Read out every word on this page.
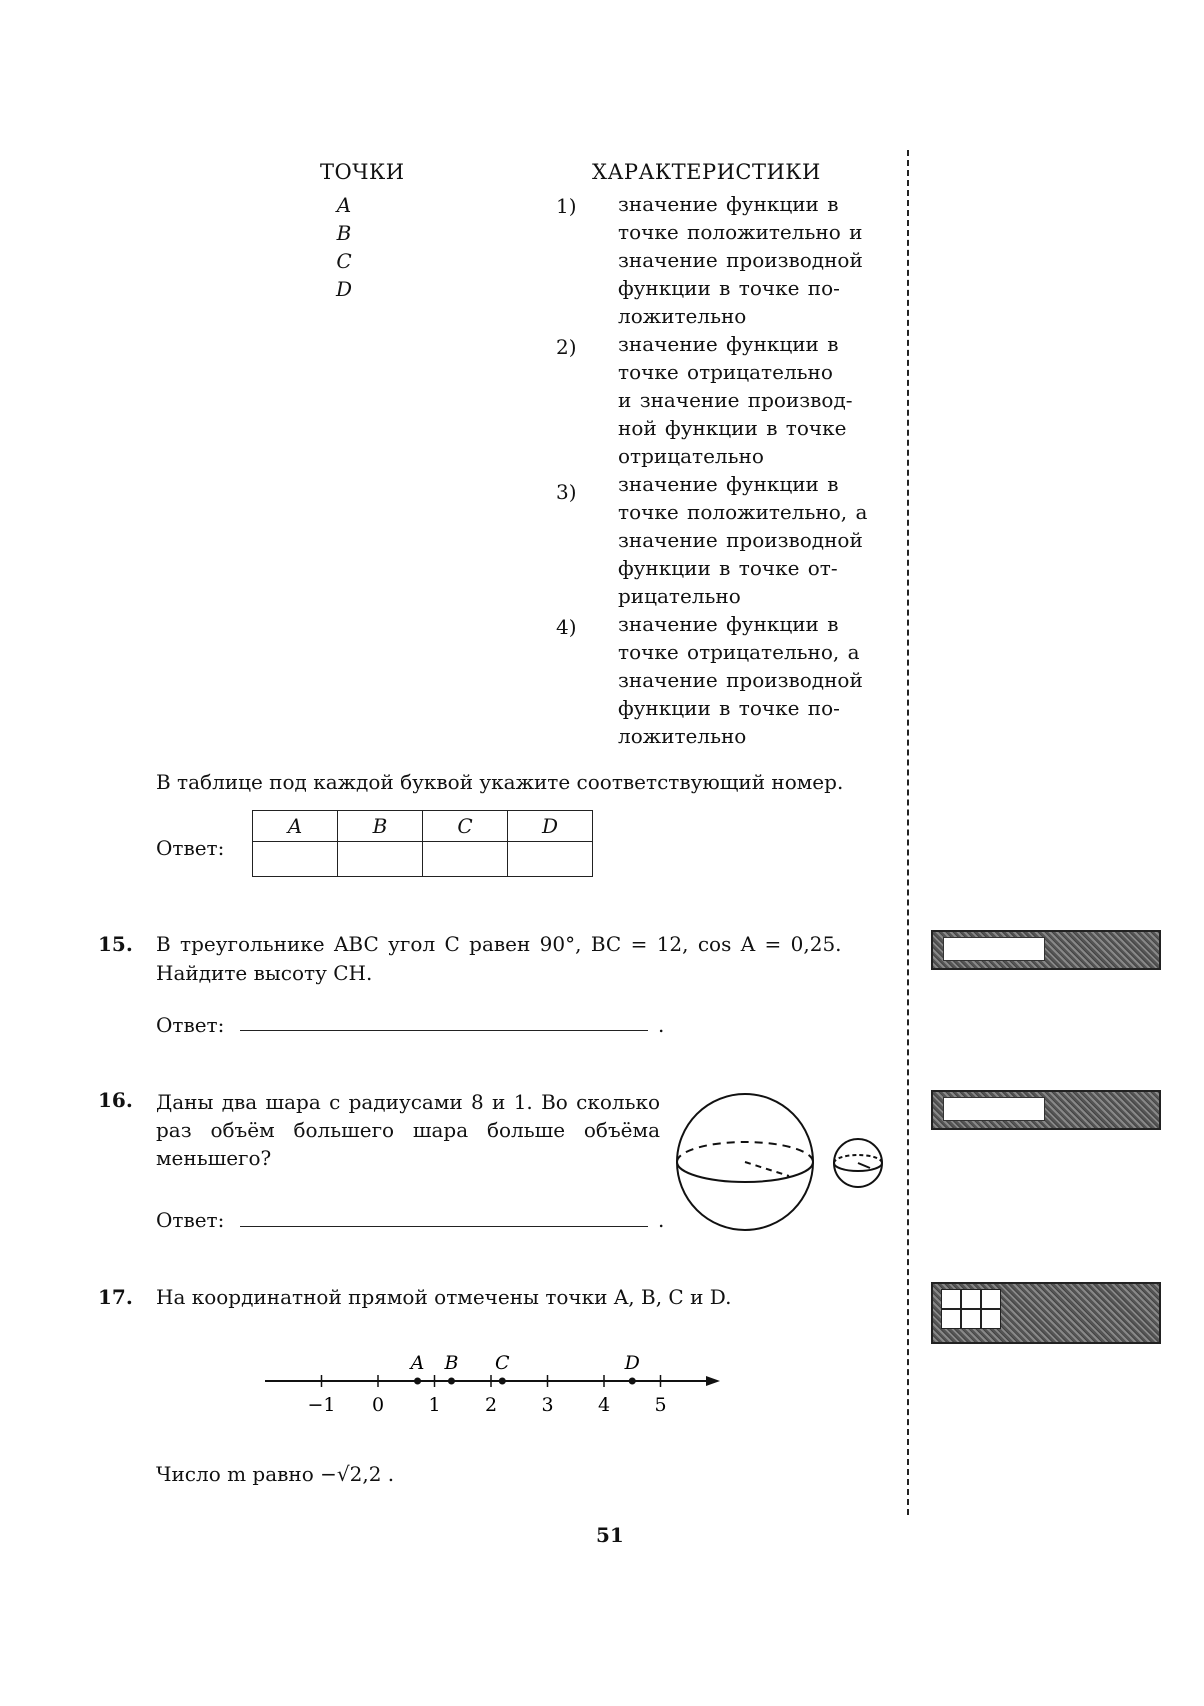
ТОЧКИ	ХАРАКТЕРИСТИКИ
A
B
C
D
1) значение функции в
точке положительно и
значение производной
функции в точке по-
ложительно
2) значение функции в
точке отрицательно
и значение производ-
ной функции в точке
отрицательно
3) значение функции в
точке положительно, а
значение производной
функции в точке от-
рицательно
4) значение функции в
точке отрицательно, а
значение производной
функции в точке по-
ложительно
В таблице под каждой буквой укажите соответствующий номер.
Ответ:
A	B	C	D

15. В треугольнике ABC угол C равен 90°, BC = 12, cos A = 0,25.
Найдите высоту CH.
Ответ:	.
16. Даны два шара с радиусами 8 и 1. Во сколько
раз объём большего шара больше объёма
меньшего?
Ответ:	.
17. На координатной прямой отмечены точки A, B, C и D.
−1 0 1 2 3 4 5
A B C	D
Число m равно −√2,2 .
51
